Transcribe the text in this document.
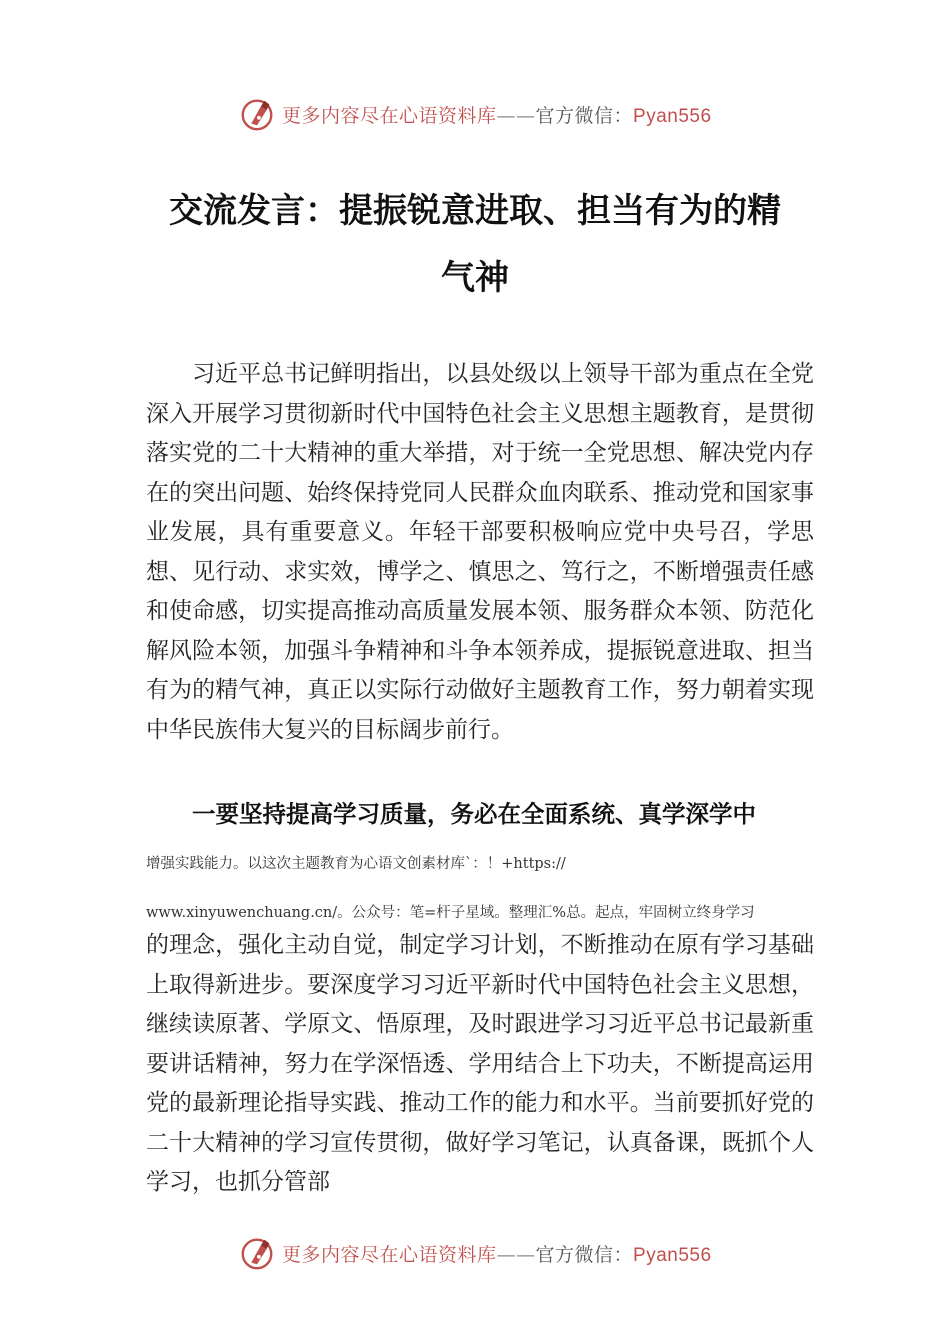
更多内容尽在心语资料库——官方微信：Pyan556
交流发言：提振锐意进取、担当有为的精
气神

习近平总书记鲜明指出，以县处级以上领导干部为重点在全党深入开展学习贯彻新时代中国特色社会主义思想主题教育，是贯彻落实党的二十大精神的重大举措，对于统一全党思想、解决党内存在的突出问题、始终保持党同人民群众血肉联系、推动党和国家事业发展，具有重要意义。年轻干部要积极响应党中央号召，学思想、见行动、求实效，博学之、慎思之、笃行之，不断增强责任感和使命感，切实提高推动高质量发展本领、服务群众本领、防范化解风险本领，加强斗争精神和斗争本领养成，提振锐意进取、担当有为的精气神，真正以实际行动做好主题教育工作，努力朝着实现中华民族伟大复兴的目标阔步前行。

一要坚持提高学习质量，务必在全面系统、真学深学中
增强实践能力。以这次主题教育为心语文创素材库`：！+https://
www.xinyuwenchuang.cn/。公众号：笔=杆子星域。整理汇%总。起点，牢固树立终身学习

的理念，强化主动自觉，制定学习计划，不断推动在原有学习基础上取得新进步。要深度学习习近平新时代中国特色社会主义思想，继续读原著、学原文、悟原理，及时跟进学习习近平总书记最新重要讲话精神，努力在学深悟透、学用结合上下功夫，不断提高运用党的最新理论指导实践、推动工作的能力和水平。当前要抓好党的二十大精神的学习宣传贯彻，做好学习笔记，认真备课，既抓个人学习，也抓分管部

更多内容尽在心语资料库——官方微信：Pyan556
